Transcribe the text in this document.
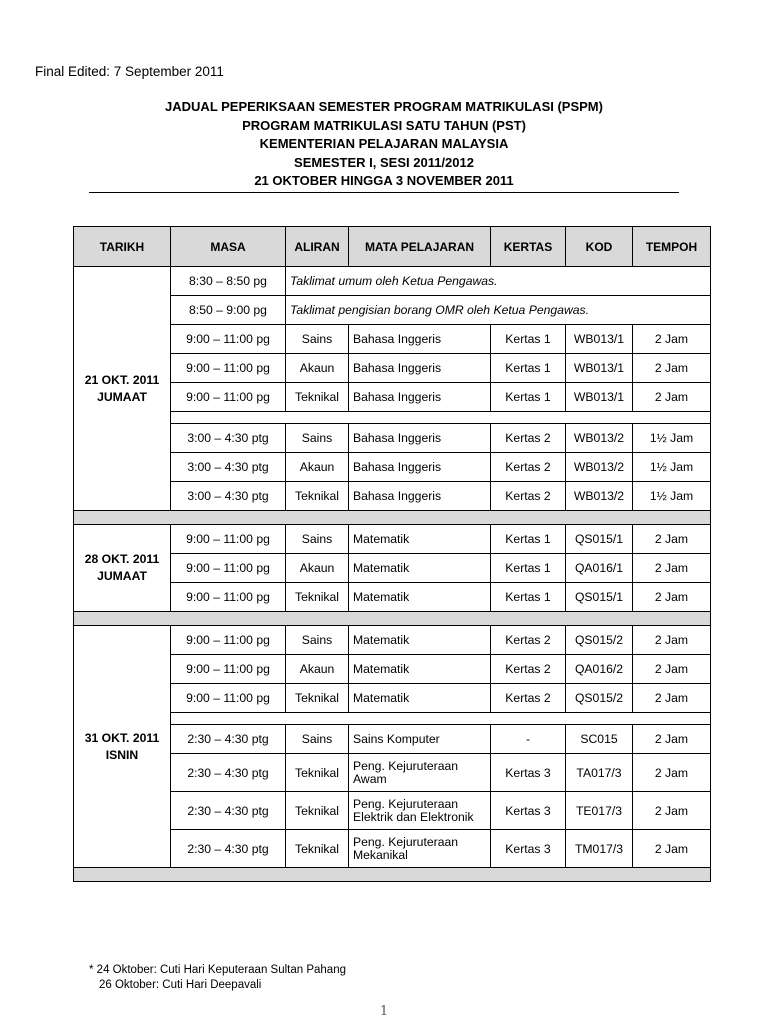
Final Edited: 7 September 2011
JADUAL PEPERIKSAAN SEMESTER PROGRAM MATRIKULASI (PSPM)
PROGRAM MATRIKULASI SATU TAHUN (PST)
KEMENTERIAN PELAJARAN MALAYSIA
SEMESTER I, SESI 2011/2012
21 OKTOBER HINGGA 3 NOVEMBER 2011
TARIKH	MASA	ALIRAN	MATA PELAJARAN	KERTAS	KOD	TEMPOH

21 OKT. 2011
JUMAAT	8:30 – 8:50 pg	Taklimat umum oleh Ketua Pengawas.				
	8:50 – 9:00 pg	Taklimat pengisian borang OMR oleh Ketua Pengawas.				
	9:00 – 11:00 pg	Sains	Bahasa Inggeris	Kertas 1	WB013/1	2 Jam
	9:00 – 11:00 pg	Akaun	Bahasa Inggeris	Kertas 1	WB013/1	2 Jam
	9:00 – 11:00 pg	Teknikal	Bahasa Inggeris	Kertas 1	WB013/1	2 Jam

	3:00 – 4:30 ptg	Sains	Bahasa Inggeris	Kertas 2	WB013/2	1½ Jam
	3:00 – 4:30 ptg	Akaun	Bahasa Inggeris	Kertas 2	WB013/2	1½ Jam
	3:00 – 4:30 ptg	Teknikal	Bahasa Inggeris	Kertas 2	WB013/2	1½ Jam

28 OKT. 2011
JUMAAT	9:00 – 11:00 pg	Sains	Matematik	Kertas 1	QS015/1	2 Jam
	9:00 – 11:00 pg	Akaun	Matematik	Kertas 1	QA016/1	2 Jam
	9:00 – 11:00 pg	Teknikal	Matematik	Kertas 1	QS015/1	2 Jam

31 OKT. 2011
ISNIN	9:00 – 11:00 pg	Sains	Matematik	Kertas 2	QS015/2	2 Jam
	9:00 – 11:00 pg	Akaun	Matematik	Kertas 2	QA016/2	2 Jam
	9:00 – 11:00 pg	Teknikal	Matematik	Kertas 2	QS015/2	2 Jam

	2:30 – 4:30 ptg	Sains	Sains Komputer	-	SC015	2 Jam
	2:30 – 4:30 ptg	Teknikal	Peng. Kejuruteraan Awam	Kertas 3	TA017/3	2 Jam
	2:30 – 4:30 ptg	Teknikal	Peng. Kejuruteraan Elektrik dan Elektronik	Kertas 3	TE017/3	2 Jam
	2:30 – 4:30 ptg	Teknikal	Peng. Kejuruteraan Mekanikal	Kertas 3	TM017/3	2 Jam

* 24 Oktober: Cuti Hari Keputeraan Sultan Pahang
26 Oktober: Cuti Hari Deepavali
1
